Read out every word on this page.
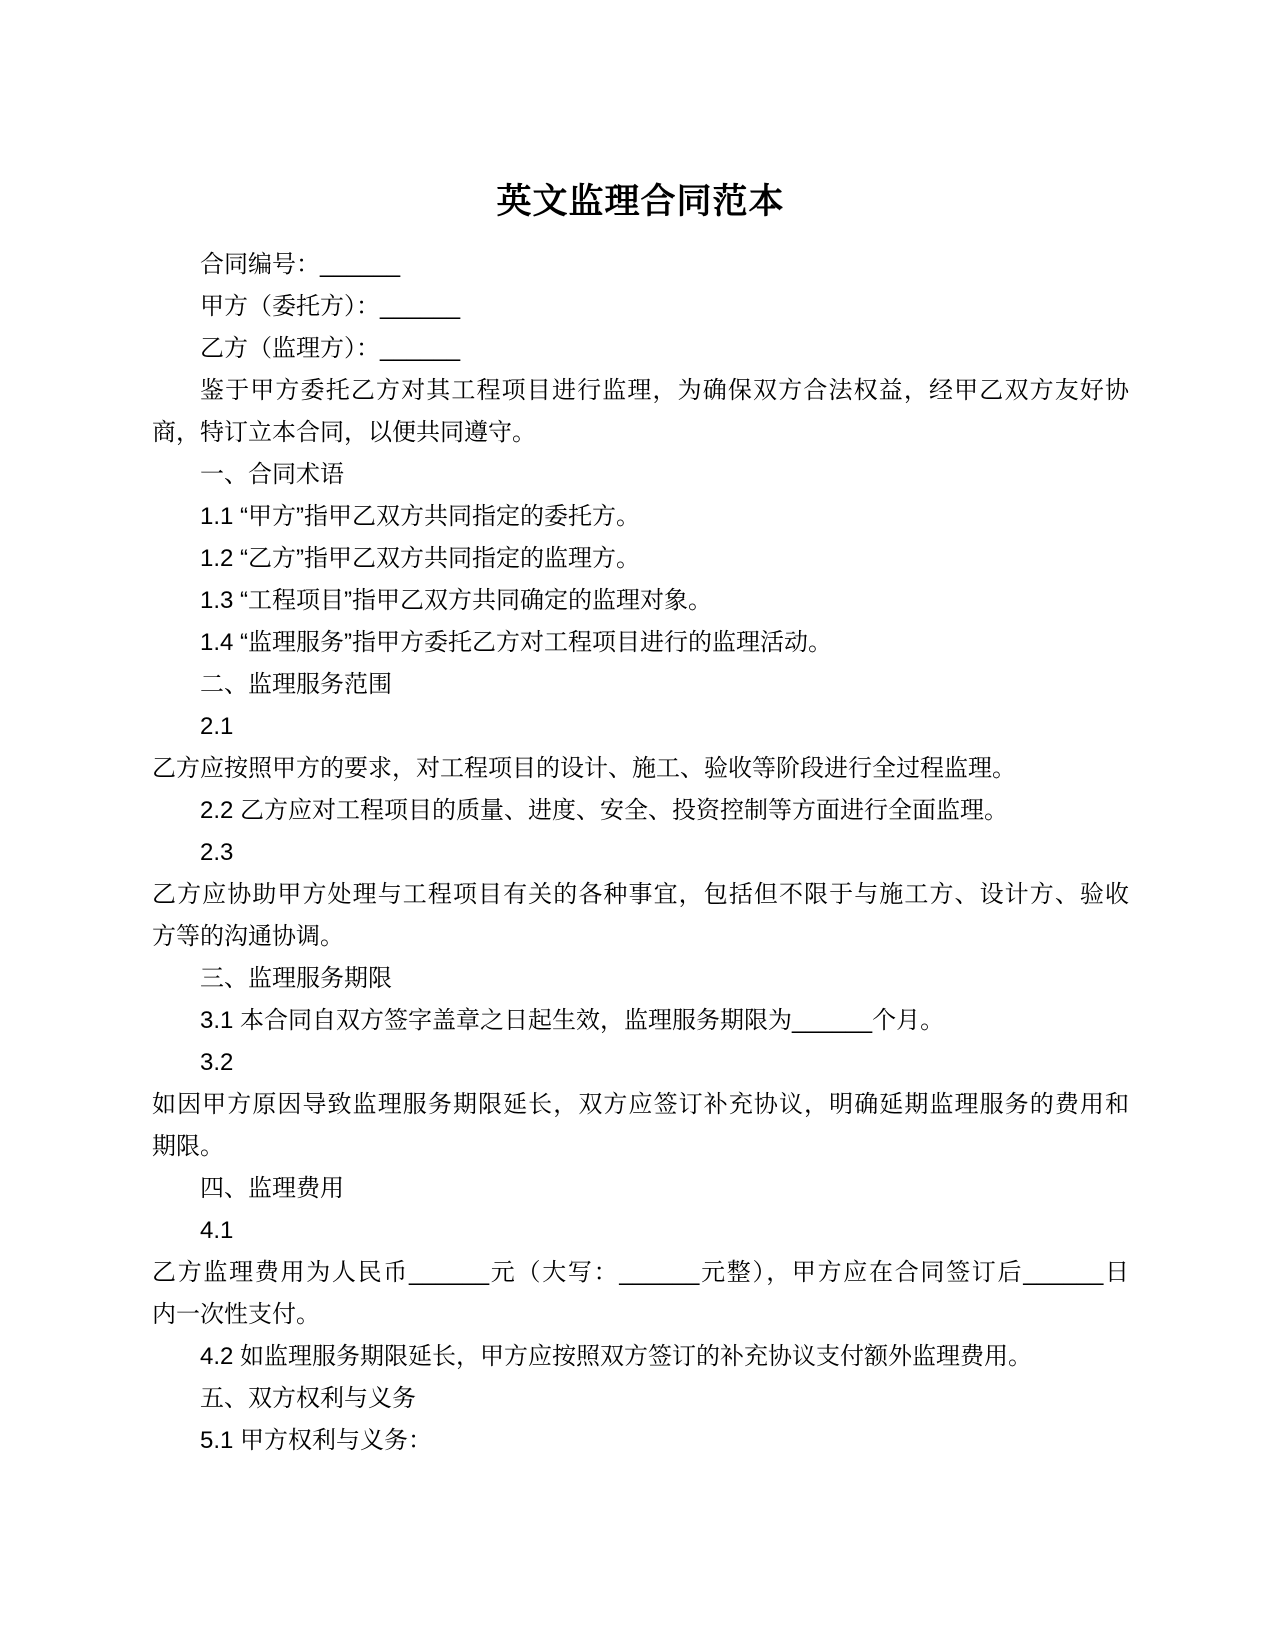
英文监理合同范本
合同编号：______
甲方（委托方）：______
乙方（监理方）：______
鉴于甲方委托乙方对其工程项目进行监理，为确保双方合法权益，经甲乙双方友好协
商，特订立本合同，以便共同遵守。
一、合同术语
1.1 “甲方”指甲乙双方共同指定的委托方。
1.2 “乙方”指甲乙双方共同指定的监理方。
1.3 “工程项目”指甲乙双方共同确定的监理对象。
1.4 “监理服务”指甲方委托乙方对工程项目进行的监理活动。
二、监理服务范围
2.1
乙方应按照甲方的要求，对工程项目的设计、施工、验收等阶段进行全过程监理。
2.2 乙方应对工程项目的质量、进度、安全、投资控制等方面进行全面监理。
2.3
乙方应协助甲方处理与工程项目有关的各种事宜，包括但不限于与施工方、设计方、验收
方等的沟通协调。
三、监理服务期限
3.1 本合同自双方签字盖章之日起生效，监理服务期限为______个月。
3.2
如因甲方原因导致监理服务期限延长，双方应签订补充协议，明确延期监理服务的费用和
期限。
四、监理费用
4.1
乙方监理费用为人民币______元（大写：______元整），甲方应在合同签订后______日
内一次性支付。
4.2 如监理服务期限延长，甲方应按照双方签订的补充协议支付额外监理费用。
五、双方权利与义务
5.1 甲方权利与义务：
